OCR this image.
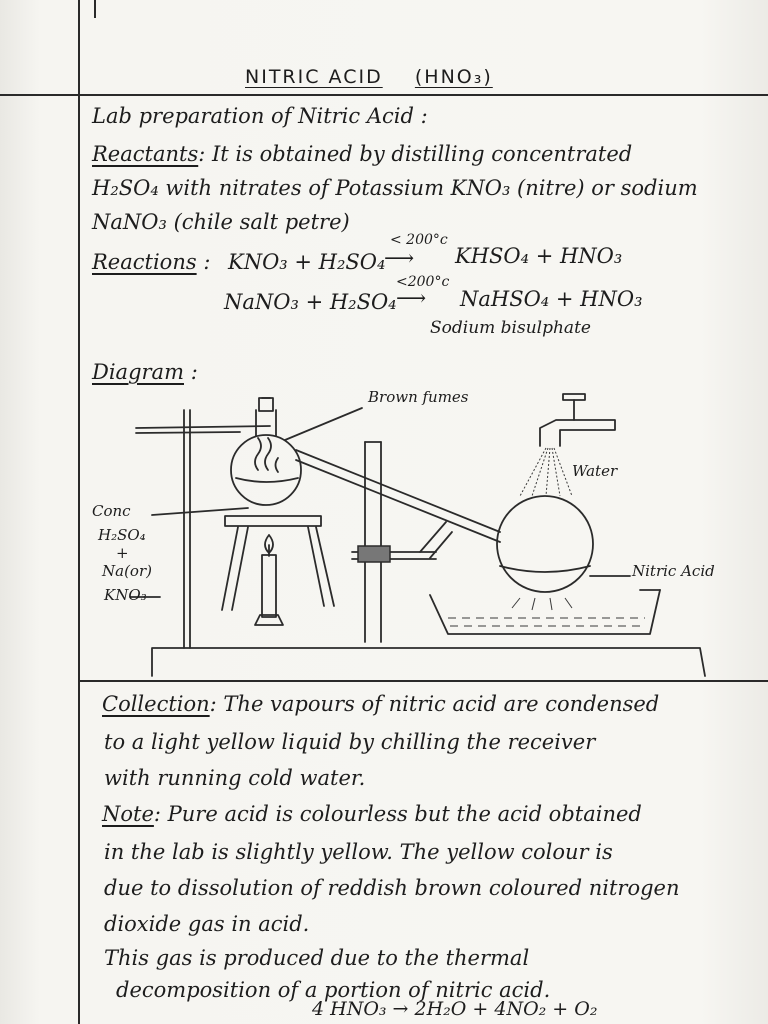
NITRIC ACID (HNO₃)
Lab preparation of Nitric Acid :
Reactants: It is obtained by distilling concentrated
H₂SO₄ with nitrates of Potassium KNO₃ (nitre) or sodium
NaNO₃ (chile salt petre)
Reactions : KNO₃ + H₂SO₄
< 200°c
⟶ KHSO₄ + HNO₃
NaNO₃ + H₂SO₄
<200°c
⟶ NaHSO₄ + HNO₃
Sodium bisulphate
Diagram :
Brown fumes
Water
Conc
H₂SO₄
+
Na(or)
KNO₃
Nitric Acid
Collection: The vapours of nitric acid are condensed
to a light yellow liquid by chilling the receiver
with running cold water.
Note: Pure acid is colourless but the acid obtained
in the lab is slightly yellow. The yellow colour is
due to dissolution of reddish brown coloured nitrogen
dioxide gas in acid.
This gas is produced due to the thermal
decomposition of a portion of nitric acid.
4 HNO₃ → 2H₂O + 4NO₂ + O₂
